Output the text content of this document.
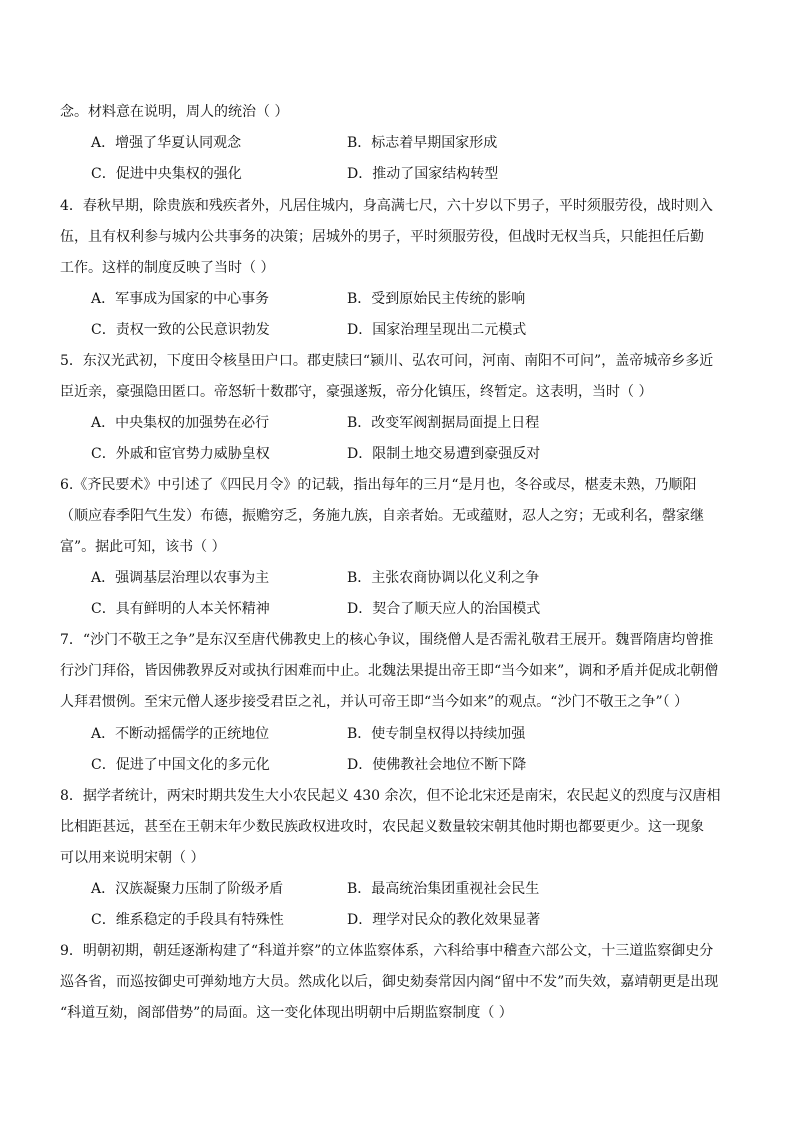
念。材料意在说明，周人的统治（ ）
A．增强了华夏认同观念	B．标志着早期国家形成
C．促进中央集权的强化	D．推动了国家结构转型
4．春秋早期，除贵族和残疾者外，凡居住城内，身高满七尺，六十岁以下男子，平时须服劳役，战时则入
伍，且有权利参与城内公共事务的决策；居城外的男子，平时须服劳役，但战时无权当兵，只能担任后勤
工作。这样的制度反映了当时（ ）
A．军事成为国家的中心事务	B．受到原始民主传统的影响
C．责权一致的公民意识勃发	D．国家治理呈现出二元模式
5．东汉光武初，下度田令核垦田户口。郡吏牍曰“颍川、弘农可问，河南、南阳不可问”，盖帝城帝乡多近
臣近亲，豪强隐田匿口。帝怒斩十数郡守，豪强遂叛，帝分化镇压，终暂定。这表明，当时（ ）
A．中央集权的加强势在必行	B．改变军阀割据局面提上日程
C．外戚和宦官势力威胁皇权	D．限制土地交易遭到豪强反对
6.《齐民要术》中引述了《四民月令》的记载，指出每年的三月“是月也，冬谷或尽，椹麦未熟，乃顺阳
（顺应春季阳气生发）布德，振赡穷乏，务施九族，自亲者始。无或蕴财，忍人之穷；无或利名，罄家继
富”。据此可知，该书（ ）
A．强调基层治理以农事为主	B．主张农商协调以化义利之争
C．具有鲜明的人本关怀精神	D．契合了顺天应人的治国模式
7．“沙门不敬王之争”是东汉至唐代佛教史上的核心争议，围绕僧人是否需礼敬君王展开。魏晋隋唐均曾推
行沙门拜俗，皆因佛教界反对或执行困难而中止。北魏法果提出帝王即“当今如来”，调和矛盾并促成北朝僧
人拜君惯例。至宋元僧人逐步接受君臣之礼，并认可帝王即“当今如来”的观点。“沙门不敬王之争”（ ）
A．不断动摇儒学的正统地位	B．使专制皇权得以持续加强
C．促进了中国文化的多元化	D．使佛教社会地位不断下降
8．据学者统计，两宋时期共发生大小农民起义 430 余次，但不论北宋还是南宋，农民起义的烈度与汉唐相
比相距甚远，甚至在王朝末年少数民族政权进攻时，农民起义数量较宋朝其他时期也都要更少。这一现象
可以用来说明宋朝（ ）
A．汉族凝聚力压制了阶级矛盾	B．最高统治集团重视社会民生
C．维系稳定的手段具有特殊性	D．理学对民众的教化效果显著
9．明朝初期，朝廷逐渐构建了“科道并察”的立体监察体系，六科给事中稽查六部公文，十三道监察御史分
巡各省，而巡按御史可弹劾地方大员。然成化以后，御史劾奏常因内阁“留中不发”而失效，嘉靖朝更是出现
“科道互劾，阁部借势”的局面。这一变化体现出明朝中后期监察制度（ ）
